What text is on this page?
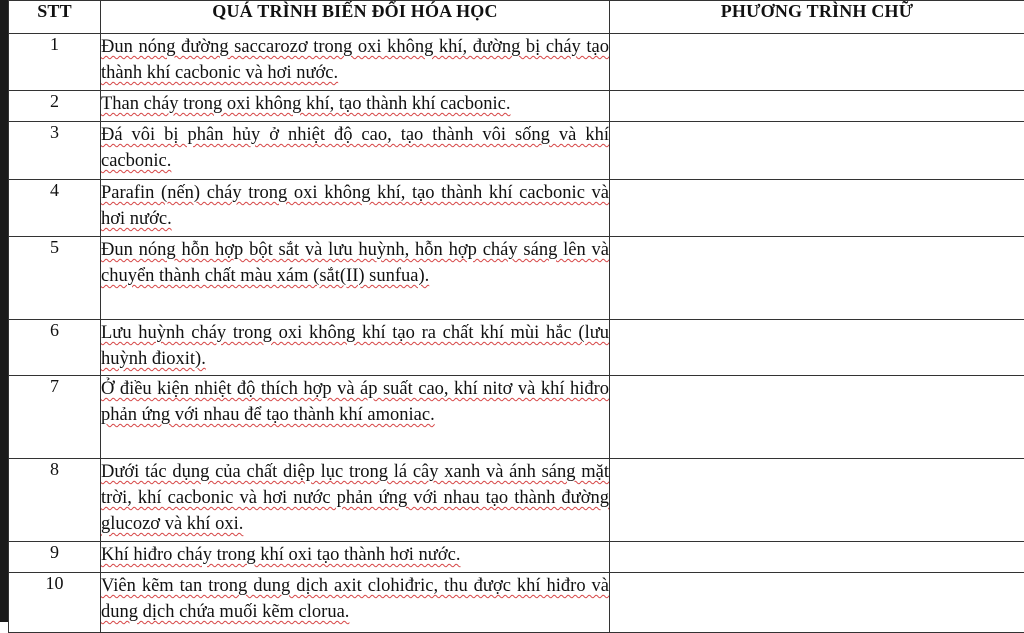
STT	QUÁ TRÌNH BIẾN ĐỔI HÓA HỌC	PHƯƠNG TRÌNH CHỮ
1	Đun nóng đường saccarozơ trong oxi không khí, đường bị cháy tạo thành khí cacbonic và hơi nước.	
2	Than cháy trong oxi không khí, tạo thành khí cacbonic.	
3	Đá vôi bị phân hủy ở nhiệt độ cao, tạo thành vôi sống và khí cacbonic.	
4	Parafin (nến) cháy trong oxi không khí, tạo thành khí cacbonic và hơi nước.	
5	Đun nóng hỗn hợp bột sắt và lưu huỳnh, hỗn hợp cháy sáng lên và chuyển thành chất màu xám (sắt(II) sunfua).	
6	Lưu huỳnh cháy trong oxi không khí tạo ra chất khí mùi hắc (lưu huỳnh đioxit).	
7	Ở điều kiện nhiệt độ thích hợp và áp suất cao, khí nitơ và khí hiđro phản ứng với nhau để tạo thành khí amoniac.	
8	Dưới tác dụng của chất diệp lục trong lá cây xanh và ánh sáng mặt trời, khí cacbonic và hơi nước phản ứng với nhau tạo thành đường glucozơ và khí oxi.	
9	Khí hiđro cháy trong khí oxi tạo thành hơi nước.	
10	Viên kẽm tan trong dung dịch axit clohiđric, thu được khí hiđro và dung dịch chứa muối kẽm clorua.	
